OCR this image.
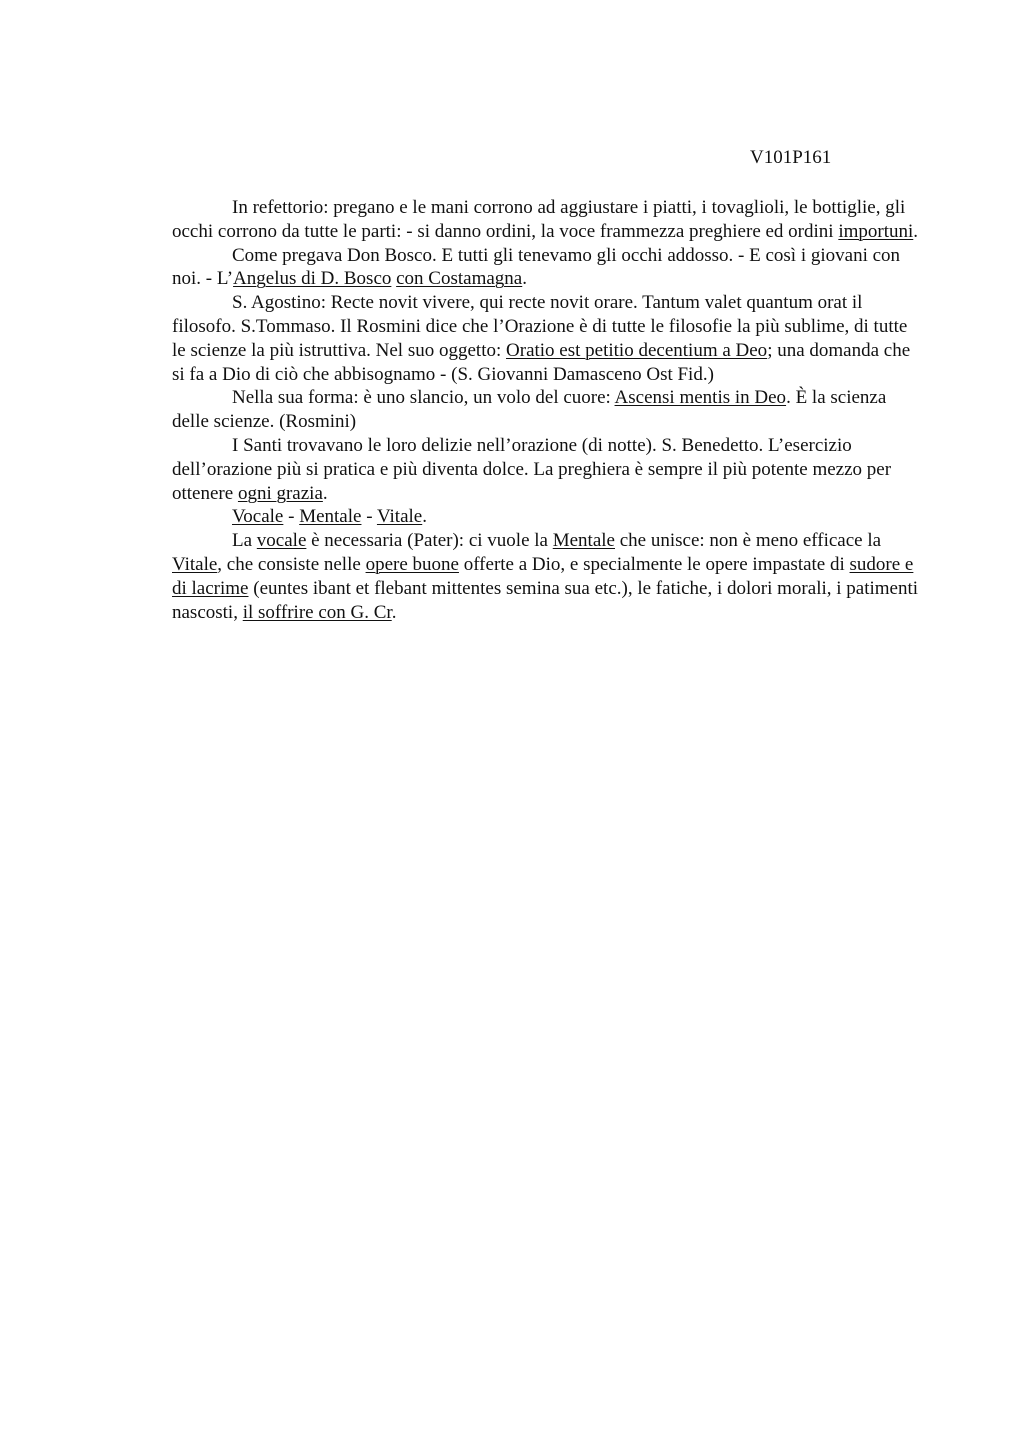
V101P161

In refettorio: pregano e le mani corrono ad aggiustare i piatti, i tovaglioli, le bottiglie, gli occhi corrono da tutte le parti: - si danno ordini, la voce frammezza preghiere ed ordini importuni.

Come pregava Don Bosco. E tutti gli tenevamo gli occhi addosso. - E così i giovani con noi. - L’Angelus di D. Bosco con Costamagna.

S. Agostino: Recte novit vivere, qui recte novit orare. Tantum valet quantum orat il filosofo. S.Tommaso. Il Rosmini dice che l’Orazione è di tutte le filosofie la più sublime, di tutte le scienze la più istruttiva. Nel suo oggetto: Oratio est petitio decentium a Deo; una domanda che si fa a Dio di ciò che abbisognamo - (S. Giovanni Damasceno Ost Fid.)

Nella sua forma: è uno slancio, un volo del cuore: Ascensi mentis in Deo. È la scienza delle scienze. (Rosmini)

I Santi trovavano le loro delizie nell’orazione (di notte). S. Benedetto. L’esercizio dell’orazione più si pratica e più diventa dolce. La preghiera è sempre il più potente mezzo per ottenere ogni grazia.

Vocale - Mentale - Vitale.

La vocale è necessaria (Pater): ci vuole la Mentale che unisce: non è meno efficace la Vitale, che consiste nelle opere buone offerte a Dio, e specialmente le opere impastate di sudore e di lacrime (euntes ibant et flebant mittentes semina sua etc.), le fatiche, i dolori morali, i patimenti nascosti, il soffrire con G. Cr.
